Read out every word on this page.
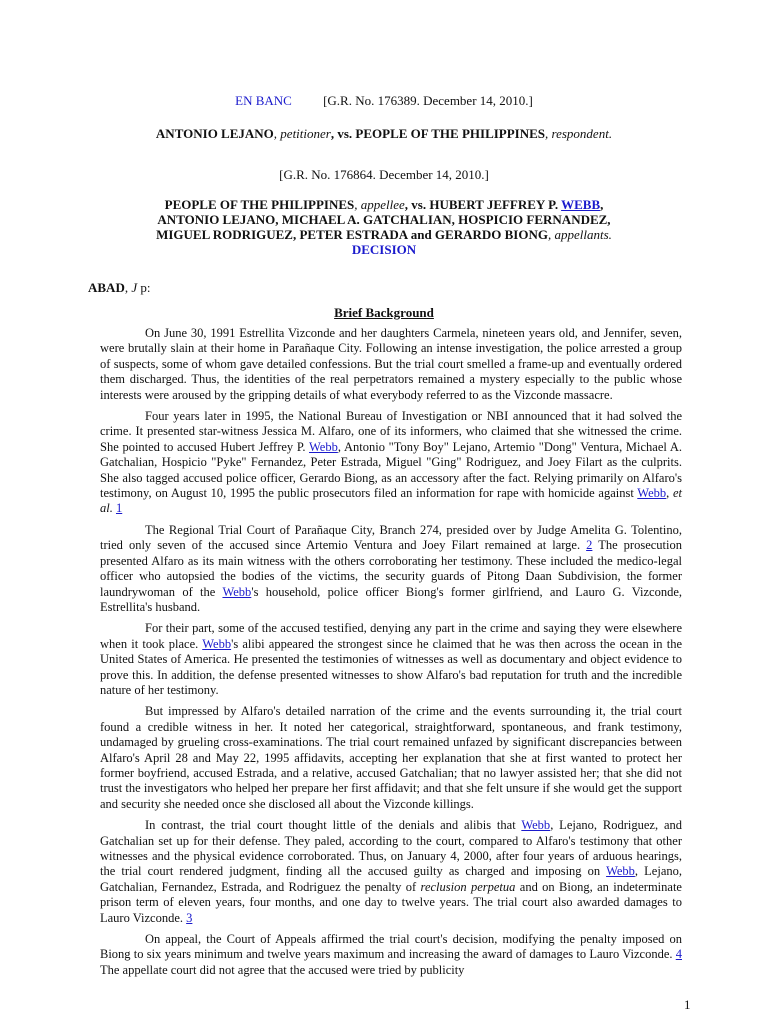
EN BANC [G.R. No. 176389. December 14, 2010.]
ANTONIO LEJANO, petitioner, vs. PEOPLE OF THE PHILIPPINES, respondent.
[G.R. No. 176864. December 14, 2010.]
PEOPLE OF THE PHILIPPINES, appellee, vs. HUBERT JEFFREY P. WEBB,
ANTONIO LEJANO, MICHAEL A. GATCHALIAN, HOSPICIO FERNANDEZ,
MIGUEL RODRIGUEZ, PETER ESTRADA and GERARDO BIONG, appellants.
DECISION
ABAD, J p:
Brief Background

On June 30, 1991 Estrellita Vizconde and her daughters Carmela, nineteen years old, and Jennifer, seven, were brutally slain at their home in Parañaque City. Following an intense investigation, the police arrested a group of suspects, some of whom gave detailed confessions. But the trial court smelled a frame-up and eventually ordered them discharged. Thus, the identities of the real perpetrators remained a mystery especially to the public whose interests were aroused by the gripping details of what everybody referred to as the Vizconde massacre.

Four years later in 1995, the National Bureau of Investigation or NBI announced that it had solved the crime. It presented star-witness Jessica M. Alfaro, one of its informers, who claimed that she witnessed the crime. She pointed to accused Hubert Jeffrey P. Webb, Antonio "Tony Boy" Lejano, Artemio "Dong" Ventura, Michael A. Gatchalian, Hospicio "Pyke" Fernandez, Peter Estrada, Miguel "Ging" Rodriguez, and Joey Filart as the culprits. She also tagged accused police officer, Gerardo Biong, as an accessory after the fact. Relying primarily on Alfaro's testimony, on August 10, 1995 the public prosecutors filed an information for rape with homicide against Webb, et al. 1

The Regional Trial Court of Parañaque City, Branch 274, presided over by Judge Amelita G. Tolentino, tried only seven of the accused since Artemio Ventura and Joey Filart remained at large. 2 The prosecution presented Alfaro as its main witness with the others corroborating her testimony. These included the medico-legal officer who autopsied the bodies of the victims, the security guards of Pitong Daan Subdivision, the former laundrywoman of the Webb's household, police officer Biong's former girlfriend, and Lauro G. Vizconde, Estrellita's husband.

For their part, some of the accused testified, denying any part in the crime and saying they were elsewhere when it took place. Webb's alibi appeared the strongest since he claimed that he was then across the ocean in the United States of America. He presented the testimonies of witnesses as well as documentary and object evidence to prove this. In addition, the defense presented witnesses to show Alfaro's bad reputation for truth and the incredible nature of her testimony.

But impressed by Alfaro's detailed narration of the crime and the events surrounding it, the trial court found a credible witness in her. It noted her categorical, straightforward, spontaneous, and frank testimony, undamaged by grueling cross-examinations. The trial court remained unfazed by significant discrepancies between Alfaro's April 28 and May 22, 1995 affidavits, accepting her explanation that she at first wanted to protect her former boyfriend, accused Estrada, and a relative, accused Gatchalian; that no lawyer assisted her; that she did not trust the investigators who helped her prepare her first affidavit; and that she felt unsure if she would get the support and security she needed once she disclosed all about the Vizconde killings.

In contrast, the trial court thought little of the denials and alibis that Webb, Lejano, Rodriguez, and Gatchalian set up for their defense. They paled, according to the court, compared to Alfaro's testimony that other witnesses and the physical evidence corroborated. Thus, on January 4, 2000, after four years of arduous hearings, the trial court rendered judgment, finding all the accused guilty as charged and imposing on Webb, Lejano, Gatchalian, Fernandez, Estrada, and Rodriguez the penalty of reclusion perpetua and on Biong, an indeterminate prison term of eleven years, four months, and one day to twelve years. The trial court also awarded damages to Lauro Vizconde. 3

On appeal, the Court of Appeals affirmed the trial court's decision, modifying the penalty imposed on Biong to six years minimum and twelve years maximum and increasing the award of damages to Lauro Vizconde. 4 The appellate court did not agree that the accused were tried by publicity

1
